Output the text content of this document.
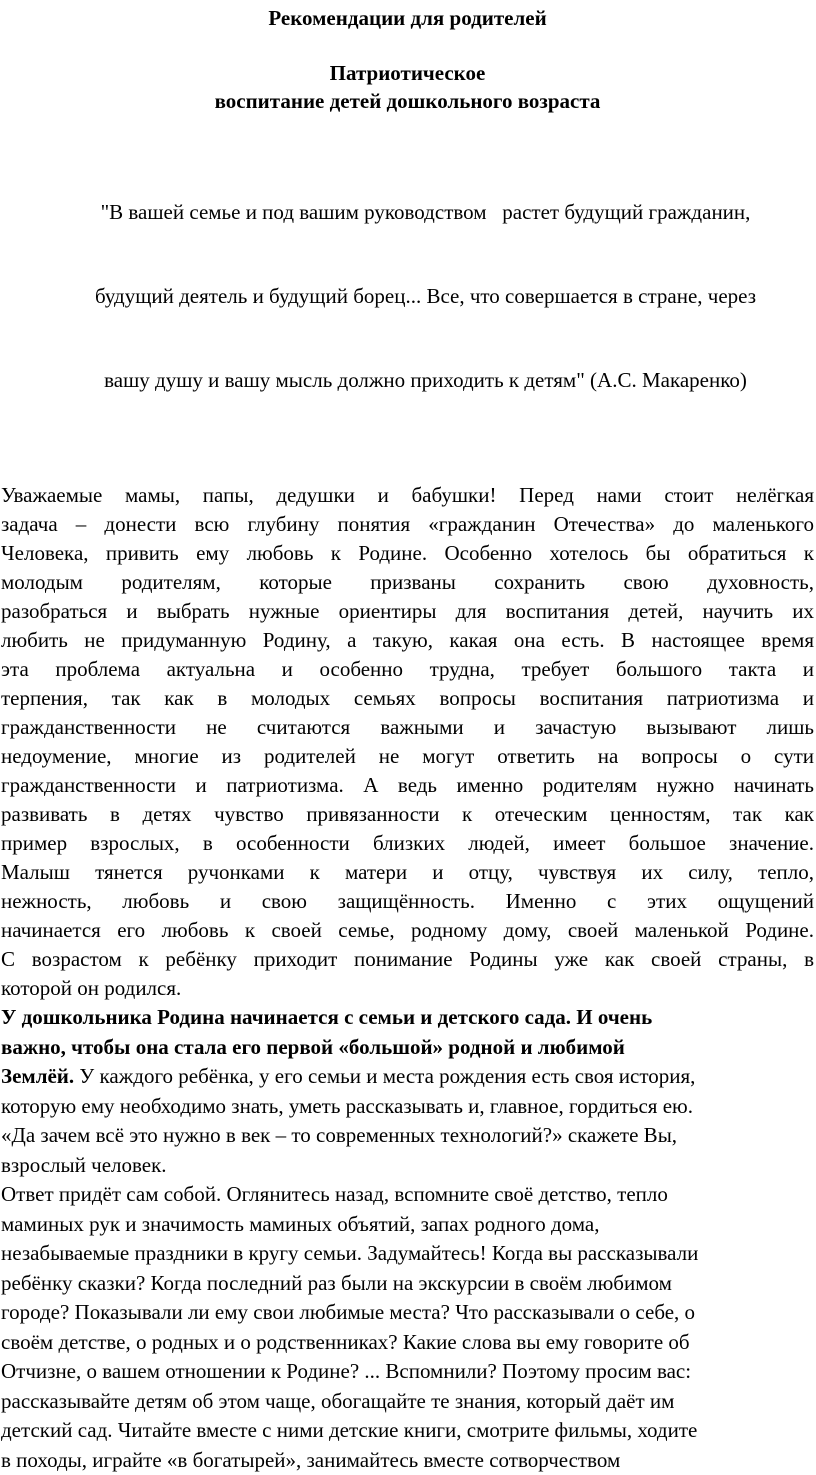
Рекомендации для родителей
Патриотическое
воспитание детей дошкольного возраста

"В вашей семье и под вашим руководством   растет будущий гражданин,

будущий деятель и будущий борец... Все, что совершается в стране, через

вашу душу и вашу мысль должно приходить к детям" (А.С. Макаренко)

Уважаемые мамы, папы, дедушки и бабушки! Перед нами стоит нелёгкая
задача – донести всю глубину понятия «гражданин Отечества» до маленького
Человека, привить ему любовь к Родине. Особенно хотелось бы обратиться к
молодым родителям, которые призваны сохранить свою духовность,
разобраться и выбрать нужные ориентиры для воспитания детей, научить их
любить не придуманную Родину, а такую, какая она есть. В настоящее время
эта проблема актуальна и особенно трудна, требует большого такта и
терпения, так как в молодых семьях вопросы воспитания патриотизма и
гражданственности не считаются важными и зачастую вызывают лишь
недоумение, многие из родителей не могут ответить на вопросы о сути
гражданственности и патриотизма. А ведь именно родителям нужно начинать
развивать в детях чувство привязанности к отеческим ценностям, так как
пример взрослых, в особенности близких людей, имеет большое значение.
Малыш тянется ручонками к матери и отцу, чувствуя их силу, тепло,
нежность, любовь и свою защищённость. Именно с этих ощущений
начинается его любовь к своей семье, родному дому, своей маленькой Родине.
С возрастом к ребёнку приходит понимание Родины уже как своей страны, в
которой он родился.
У дошкольника Родина начинается с семьи и детского сада. И очень
важно, чтобы она стала его первой «большой» родной и любимой
Землёй. У каждого ребёнка, у его семьи и места рождения есть своя история,
которую ему необходимо знать, уметь рассказывать и, главное, гордиться ею.
«Да зачем всё это нужно в век – то современных технологий?» скажете Вы,
взрослый человек.
Ответ придёт сам собой. Оглянитесь назад, вспомните своё детство, тепло
маминых рук и значимость маминых объятий, запах родного дома,
незабываемые праздники в кругу семьи. Задумайтесь! Когда вы рассказывали
ребёнку сказки? Когда последний раз были на экскурсии в своём любимом
городе? Показывали ли ему свои любимые места? Что рассказывали о себе, о
своём детстве, о родных и о родственниках? Какие слова вы ему говорите об
Отчизне, о вашем отношении к Родине? ... Вспомнили? Поэтому просим вас:
рассказывайте детям об этом чаще, обогащайте те знания, который даёт им
детский сад. Читайте вместе с ними детские книги, смотрите фильмы, ходите
в походы, играйте «в богатырей», занимайтесь вместе сотворчеством
